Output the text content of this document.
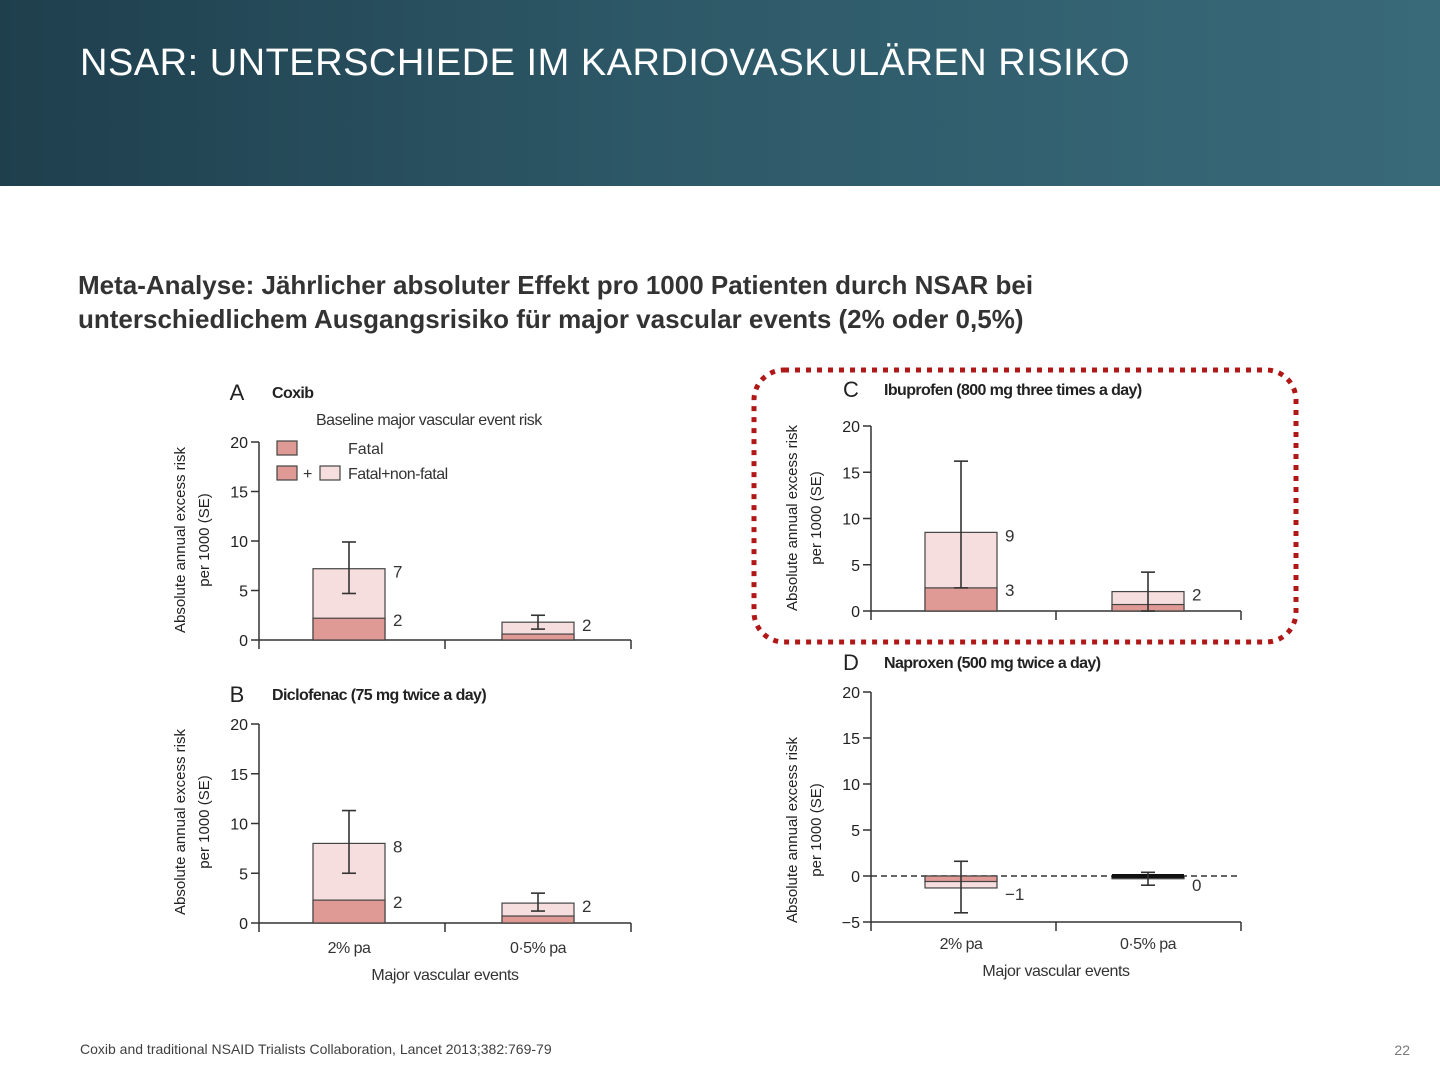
NSAR: UNTERSCHIEDE IM KARDIOVASKULÄREN RISIKO
Meta-Analyse: Jährlicher absoluter Effekt pro 1000 Patienten durch NSAR bei
unterschiedlichem Ausgangsrisiko für major vascular events (2% oder 0,5%)
A Coxib
0
5
10
15
20
Absolute annual excess risk per 1000 (SE)	7
2	2
Baseline major vascular event risk
Fatal
+ Fatal+non-fatal
B Diclofenac (75 mg twice a day)
0
5
10
15
20
Absolute annual excess risk per 1000 (SE)	8
2
2% pa
2
0·5% pa
Major vascular events
C Ibuprofen (800 mg three times a day)
0
5
10
15
20
Absolute annual excess risk per 1000 (SE)	9
3	2
D Naproxen (500 mg twice a day)
−5
0
5
10
15
20
Absolute annual excess risk per 1000 (SE)
−1
2% pa
0
0·5% pa
Major vascular events
Coxib and traditional NSAID Trialists Collaboration, Lancet 2013;382:769-79	22
